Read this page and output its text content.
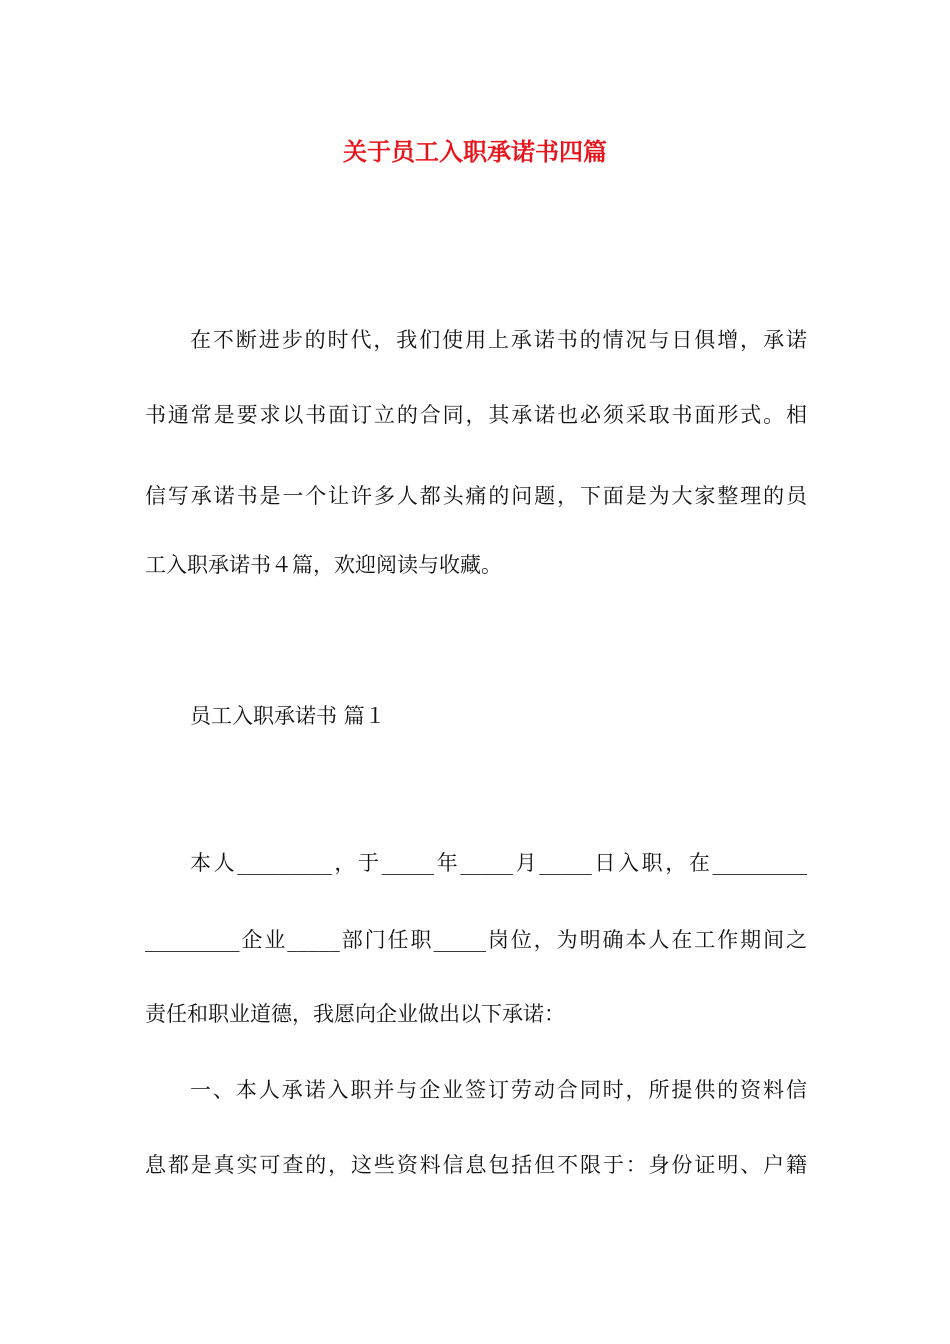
关于员工入职承诺书四篇
在不断进步的时代，我们使用上承诺书的情况与日俱增，承诺
书通常是要求以书面订立的合同，其承诺也必须采取书面形式。相
信写承诺书是一个让许多人都头痛的问题，下面是为大家整理的员
工入职承诺书４篇，欢迎阅读与收藏。
员工入职承诺书 篇１
本人_________，于_____年_____月_____日入职，在_________
_________企业_____部门任职_____岗位，为明确本人在工作期间之
责任和职业道德，我愿向企业做出以下承诺：
一、本人承诺入职并与企业签订劳动合同时，所提供的资料信
息都是真实可查的，这些资料信息包括但不限于：身份证明、户籍
